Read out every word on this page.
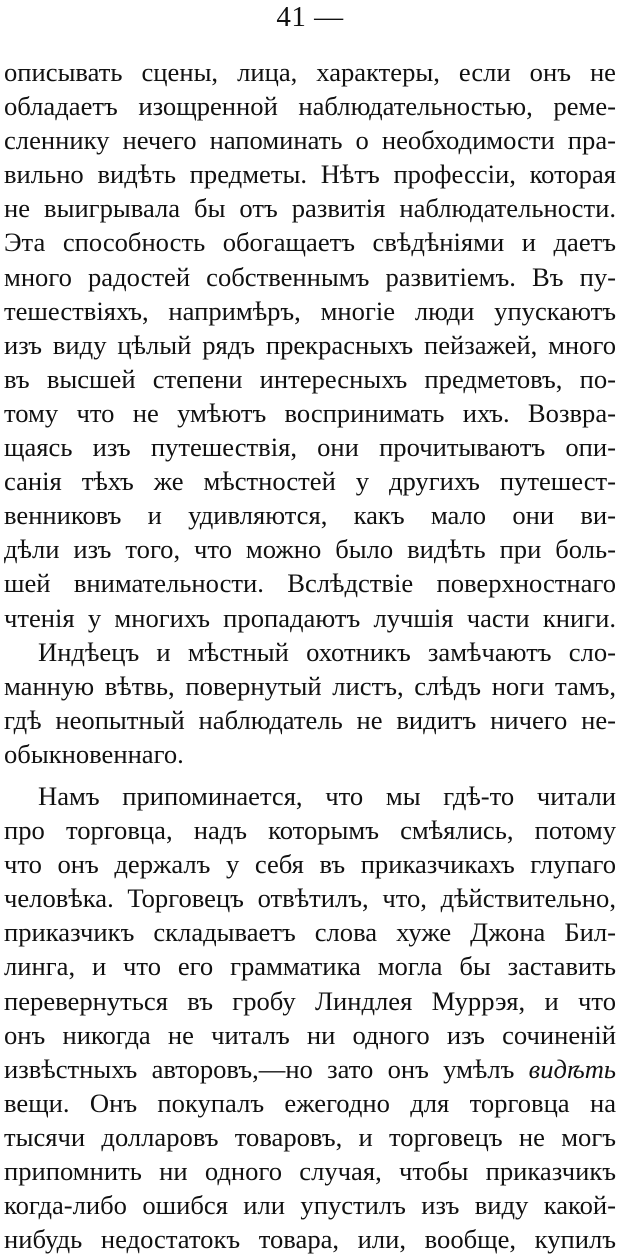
41 —
описывать сцены, лица, характеры, если онъ не
обладаетъ изощренной наблюдательностью, реме-
сленнику нечего напоминать о необходимости пра-
вильно видѣть предметы. Нѣтъ профессіи, которая
не выигрывала бы отъ развитія наблюдательности.
Эта способность обогащаетъ свѣдѣніями и даетъ
много радостей собственнымъ развитіемъ. Въ пу-
тешествіяхъ, напримѣръ, многіе люди упускаютъ
изъ виду цѣлый рядъ прекрасныхъ пейзажей, много
въ высшей степени интересныхъ предметовъ, по-
тому что не умѣютъ воспринимать ихъ. Возвра-
щаясь изъ путешествія, они прочитываютъ опи-
санія тѣхъ же мѣстностей у другихъ путешест-
венниковъ и удивляются, какъ мало они ви-
дѣли изъ того, что можно было видѣть при боль-
шей внимательности. Вслѣдствіе поверхностнаго
чтенія у многихъ пропадаютъ лучшія части книги.
Индѣецъ и мѣстный охотникъ замѣчаютъ сло-
манную вѣтвь, повернутый листъ, слѣдъ ноги тамъ,
гдѣ неопытный наблюдатель не видитъ ничего не-
обыкновеннаго.
Намъ припоминается, что мы гдѣ-то читали
про торговца, надъ которымъ смѣялись, потому
что онъ держалъ у себя въ приказчикахъ глупаго
человѣка. Торговецъ отвѣтилъ, что, дѣйствительно,
приказчикъ складываетъ слова хуже Джона Бил-
линга, и что его грамматика могла бы заставить
перевернуться въ гробу Линдлея Муррэя, и что
онъ никогда не читалъ ни одного изъ сочиненій
извѣстныхъ авторовъ,—но зато онъ умѣлъ видѣть
вещи. Онъ покупалъ ежегодно для торговца на
тысячи долларовъ товаровъ, и торговецъ не могъ
припомнить ни одного случая, чтобы приказчикъ
когда-либо ошибся или упустилъ изъ виду какой-
нибудь недостатокъ товара, или, вообще, купилъ
